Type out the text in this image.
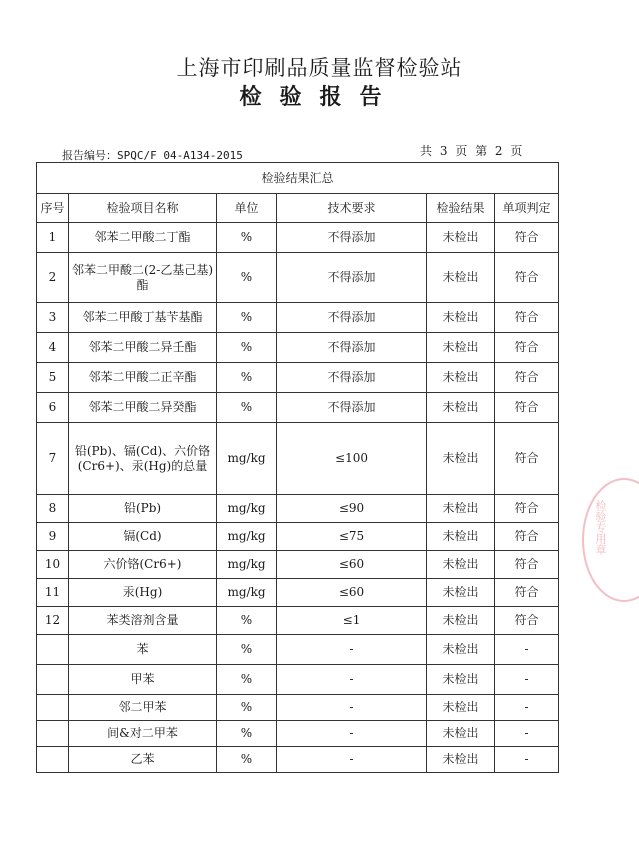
上海市印刷品质量监督检验站
检验报告
报告编号：SPQC/F 04-A134-2015	共 3 页 第 2 页
检验结果汇总					
序号	检验项目名称	单位	技术要求	检验结果	单项判定
1	邻苯二甲酸二丁酯	%	不得添加	未检出	符合
2	邻苯二甲酸二(2-乙基己基)酯	%	不得添加	未检出	符合
3	邻苯二甲酸丁基苄基酯	%	不得添加	未检出	符合
4	邻苯二甲酸二异壬酯	%	不得添加	未检出	符合
5	邻苯二甲酸二正辛酯	%	不得添加	未检出	符合
6	邻苯二甲酸二异癸酯	%	不得添加	未检出	符合
7	铅(Pb)、镉(Cd)、六价铬(Cr6+)、汞(Hg)的总量	mg/kg	≤100	未检出	符合
8	铅(Pb)	mg/kg	≤90	未检出	符合
9	镉(Cd)	mg/kg	≤75	未检出	符合
10	六价铬(Cr6+)	mg/kg	≤60	未检出	符合
11	汞(Hg)	mg/kg	≤60	未检出	符合
12	苯类溶剂含量	%	≤1	未检出	符合
	苯	%	-	未检出	-
	甲苯	%	-	未检出	-
	邻二甲苯	%	-	未检出	-
	间&对二甲苯	%	-	未检出	-
	乙苯	%	-	未检出	-
检验专用章
